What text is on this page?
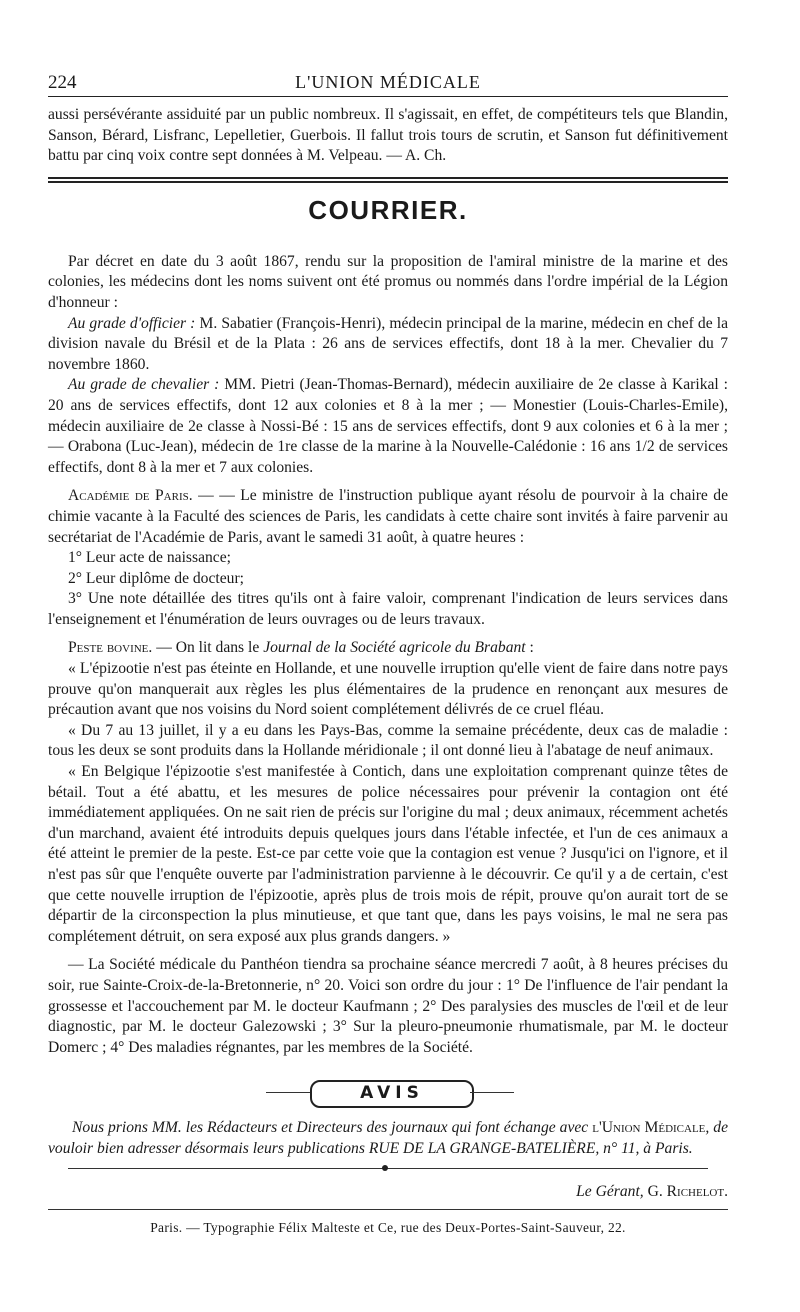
224	L'UNION MÉDICALE

aussi persévérante assiduité par un public nombreux. Il s'agissait, en effet, de compétiteurs tels que Blandin, Sanson, Bérard, Lisfranc, Lepelletier, Guerbois. Il fallut trois tours de scrutin, et Sanson fut définitivement battu par cinq voix contre sept données à M. Velpeau. — A. Ch.

COURRIER.

Par décret en date du 3 août 1867, rendu sur la proposition de l'amiral ministre de la marine et des colonies, les médecins dont les noms suivent ont été promus ou nommés dans l'ordre impérial de la Légion d'honneur :

Au grade d'officier : M. Sabatier (François-Henri), médecin principal de la marine, médecin en chef de la division navale du Brésil et de la Plata : 26 ans de services effectifs, dont 18 à la mer. Chevalier du 7 novembre 1860.

Au grade de chevalier : MM. Pietri (Jean-Thomas-Bernard), médecin auxiliaire de 2e classe à Karikal : 20 ans de services effectifs, dont 12 aux colonies et 8 à la mer ; — Monestier (Louis-Charles-Emile), médecin auxiliaire de 2e classe à Nossi-Bé : 15 ans de services effectifs, dont 9 aux colonies et 6 à la mer ; — Orabona (Luc-Jean), médecin de 1re classe de la marine à la Nouvelle-Calédonie : 16 ans 1/2 de services effectifs, dont 8 à la mer et 7 aux colonies.

Académie de Paris. — — Le ministre de l'instruction publique ayant résolu de pourvoir à la chaire de chimie vacante à la Faculté des sciences de Paris, les candidats à cette chaire sont invités à faire parvenir au secrétariat de l'Académie de Paris, avant le samedi 31 août, à quatre heures :

1° Leur acte de naissance;

2° Leur diplôme de docteur;

3° Une note détaillée des titres qu'ils ont à faire valoir, comprenant l'indication de leurs services dans l'enseignement et l'énumération de leurs ouvrages ou de leurs travaux.

Peste bovine. — On lit dans le Journal de la Société agricole du Brabant :

« L'épizootie n'est pas éteinte en Hollande, et une nouvelle irruption qu'elle vient de faire dans notre pays prouve qu'on manquerait aux règles les plus élémentaires de la prudence en renonçant aux mesures de précaution avant que nos voisins du Nord soient complétement délivrés de ce cruel fléau.

« Du 7 au 13 juillet, il y a eu dans les Pays-Bas, comme la semaine précédente, deux cas de maladie : tous les deux se sont produits dans la Hollande méridionale ; il ont donné lieu à l'abatage de neuf animaux.

« En Belgique l'épizootie s'est manifestée à Contich, dans une exploitation comprenant quinze têtes de bétail. Tout a été abattu, et les mesures de police nécessaires pour prévenir la contagion ont été immédiatement appliquées. On ne sait rien de précis sur l'origine du mal ; deux animaux, récemment achetés d'un marchand, avaient été introduits depuis quelques jours dans l'étable infectée, et l'un de ces animaux a été atteint le premier de la peste. Est-ce par cette voie que la contagion est venue ? Jusqu'ici on l'ignore, et il n'est pas sûr que l'enquête ouverte par l'administration parvienne à le découvrir. Ce qu'il y a de certain, c'est que cette nouvelle irruption de l'épizootie, après plus de trois mois de répit, prouve qu'on aurait tort de se départir de la circonspection la plus minutieuse, et que tant que, dans les pays voisins, le mal ne sera pas complétement détruit, on sera exposé aux plus grands dangers. »

— La Société médicale du Panthéon tiendra sa prochaine séance mercredi 7 août, à 8 heures précises du soir, rue Sainte-Croix-de-la-Bretonnerie, n° 20. Voici son ordre du jour : 1° De l'influence de l'air pendant la grossesse et l'accouchement par M. le docteur Kaufmann ; 2° Des paralysies des muscles de l'œil et de leur diagnostic, par M. le docteur Galezowski ; 3° Sur la pleuro-pneumonie rhumatismale, par M. le docteur Domerc ; 4° Des maladies régnantes, par les membres de la Société.

AVIS

Nous prions MM. les Rédacteurs et Directeurs des journaux qui font échange avec l'Union Médicale, de vouloir bien adresser désormais leurs publications RUE DE LA GRANGE-BATELIÈRE, n° 11, à Paris.

Le Gérant, G. Richelot.
Paris. — Typographie Félix Malteste et Ce, rue des Deux-Portes-Saint-Sauveur, 22.
